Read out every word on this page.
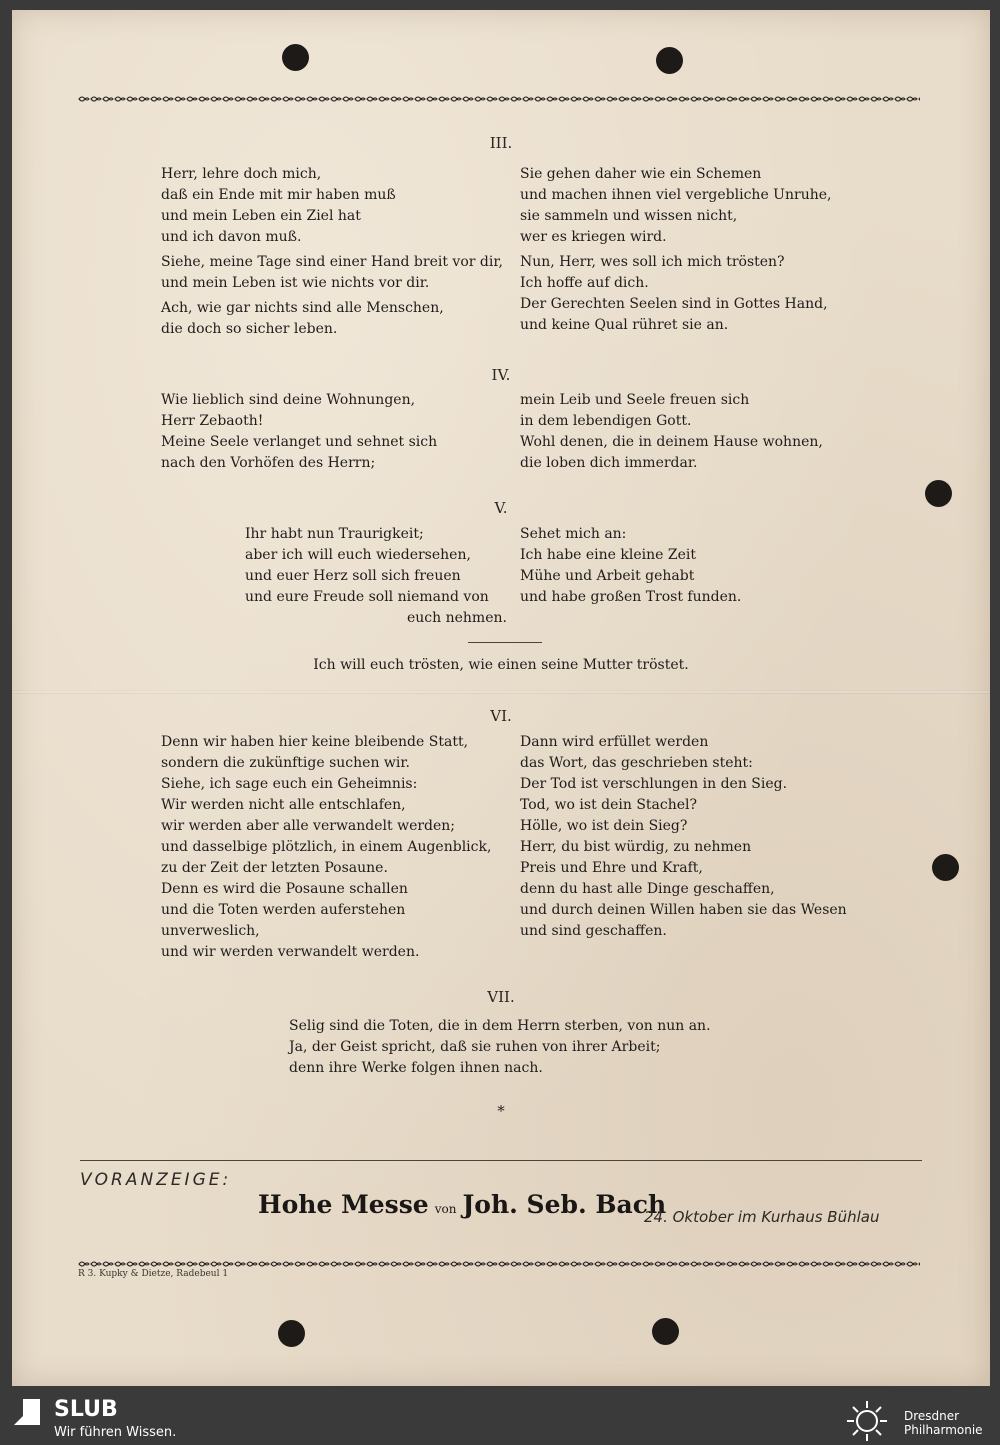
III.
Herr, lehre doch mich,
daß ein Ende mit mir haben muß
und mein Leben ein Ziel hat
und ich davon muß.
Siehe, meine Tage sind einer Hand breit vor dir,
und mein Leben ist wie nichts vor dir.
Ach, wie gar nichts sind alle Menschen,
die doch so sicher leben.
Sie gehen daher wie ein Schemen
und machen ihnen viel vergebliche Unruhe,
sie sammeln und wissen nicht,
wer es kriegen wird.
Nun, Herr, wes soll ich mich trösten?
Ich hoffe auf dich.
Der Gerechten Seelen sind in Gottes Hand,
und keine Qual rühret sie an.
IV.
Wie lieblich sind deine Wohnungen,
Herr Zebaoth!
Meine Seele verlanget und sehnet sich
nach den Vorhöfen des Herrn;
mein Leib und Seele freuen sich
in dem lebendigen Gott.
Wohl denen, die in deinem Hause wohnen,
die loben dich immerdar.
V.
Ihr habt nun Traurigkeit;
aber ich will euch wiedersehen,
und euer Herz soll sich freuen
und eure Freude soll niemand von
euch nehmen.
Sehet mich an:
Ich habe eine kleine Zeit
Mühe und Arbeit gehabt
und habe großen Trost funden.
Ich will euch trösten, wie einen seine Mutter tröstet.
VI.
Denn wir haben hier keine bleibende Statt,
sondern die zukünftige suchen wir.
Siehe, ich sage euch ein Geheimnis:
Wir werden nicht alle entschlafen,
wir werden aber alle verwandelt werden;
und dasselbige plötzlich, in einem Augenblick,
zu der Zeit der letzten Posaune.
Denn es wird die Posaune schallen
und die Toten werden auferstehen
unverweslich,
und wir werden verwandelt werden.
Dann wird erfüllet werden
das Wort, das geschrieben steht:
Der Tod ist verschlungen in den Sieg.
Tod, wo ist dein Stachel?
Hölle, wo ist dein Sieg?
Herr, du bist würdig, zu nehmen
Preis und Ehre und Kraft,
denn du hast alle Dinge geschaffen,
und durch deinen Willen haben sie das Wesen
und sind geschaffen.
VII.
Selig sind die Toten, die in dem Herrn sterben, von nun an.
Ja, der Geist spricht, daß sie ruhen von ihrer Arbeit;
denn ihre Werke folgen ihnen nach.
*
VORANZEIGE:
Hohe Messe von Joh. Seb. Bach
24. Oktober im Kurhaus Bühlau
R 3. Kupky & Dietze, Radebeul 1
SLUB
Wir führen Wissen.
Dresdner
Philharmonie
